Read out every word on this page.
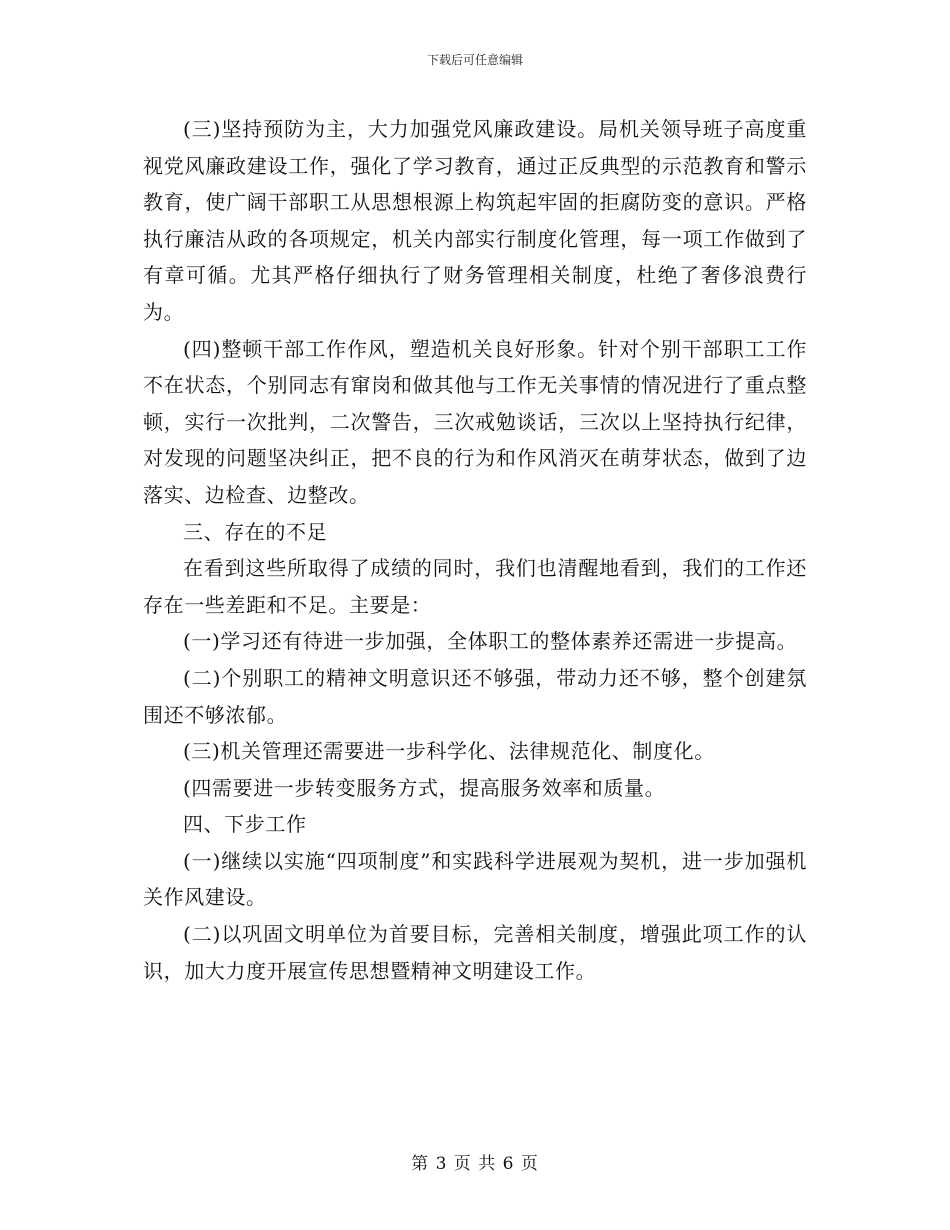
下载后可任意编辑

(三)坚持预防为主，大力加强党风廉政建设。局机关领导班子高度重视党风廉政建设工作，强化了学习教育，通过正反典型的示范教育和警示教育，使广阔干部职工从思想根源上构筑起牢固的拒腐防变的意识。严格执行廉洁从政的各项规定，机关内部实行制度化管理，每一项工作做到了有章可循。尤其严格仔细执行了财务管理相关制度，杜绝了奢侈浪费行为。

(四)整顿干部工作作风，塑造机关良好形象。针对个别干部职工工作不在状态，个别同志有窜岗和做其他与工作无关事情的情况进行了重点整顿，实行一次批判，二次警告，三次戒勉谈话，三次以上坚持执行纪律，对发现的问题坚决纠正，把不良的行为和作风消灭在萌芽状态，做到了边落实、边检查、边整改。

三、存在的不足

在看到这些所取得了成绩的同时，我们也清醒地看到，我们的工作还存在一些差距和不足。主要是：

(一)学习还有待进一步加强，全体职工的整体素养还需进一步提高。

(二)个别职工的精神文明意识还不够强，带动力还不够，整个创建氛围还不够浓郁。

(三)机关管理还需要进一步科学化、法律规范化、制度化。

(四需要进一步转变服务方式，提高服务效率和质量。

四、下步工作

(一)继续以实施“四项制度”和实践科学进展观为契机，进一步加强机关作风建设。

(二)以巩固文明单位为首要目标，完善相关制度，增强此项工作的认识，加大力度开展宣传思想暨精神文明建设工作。

第 3 页 共 6 页
